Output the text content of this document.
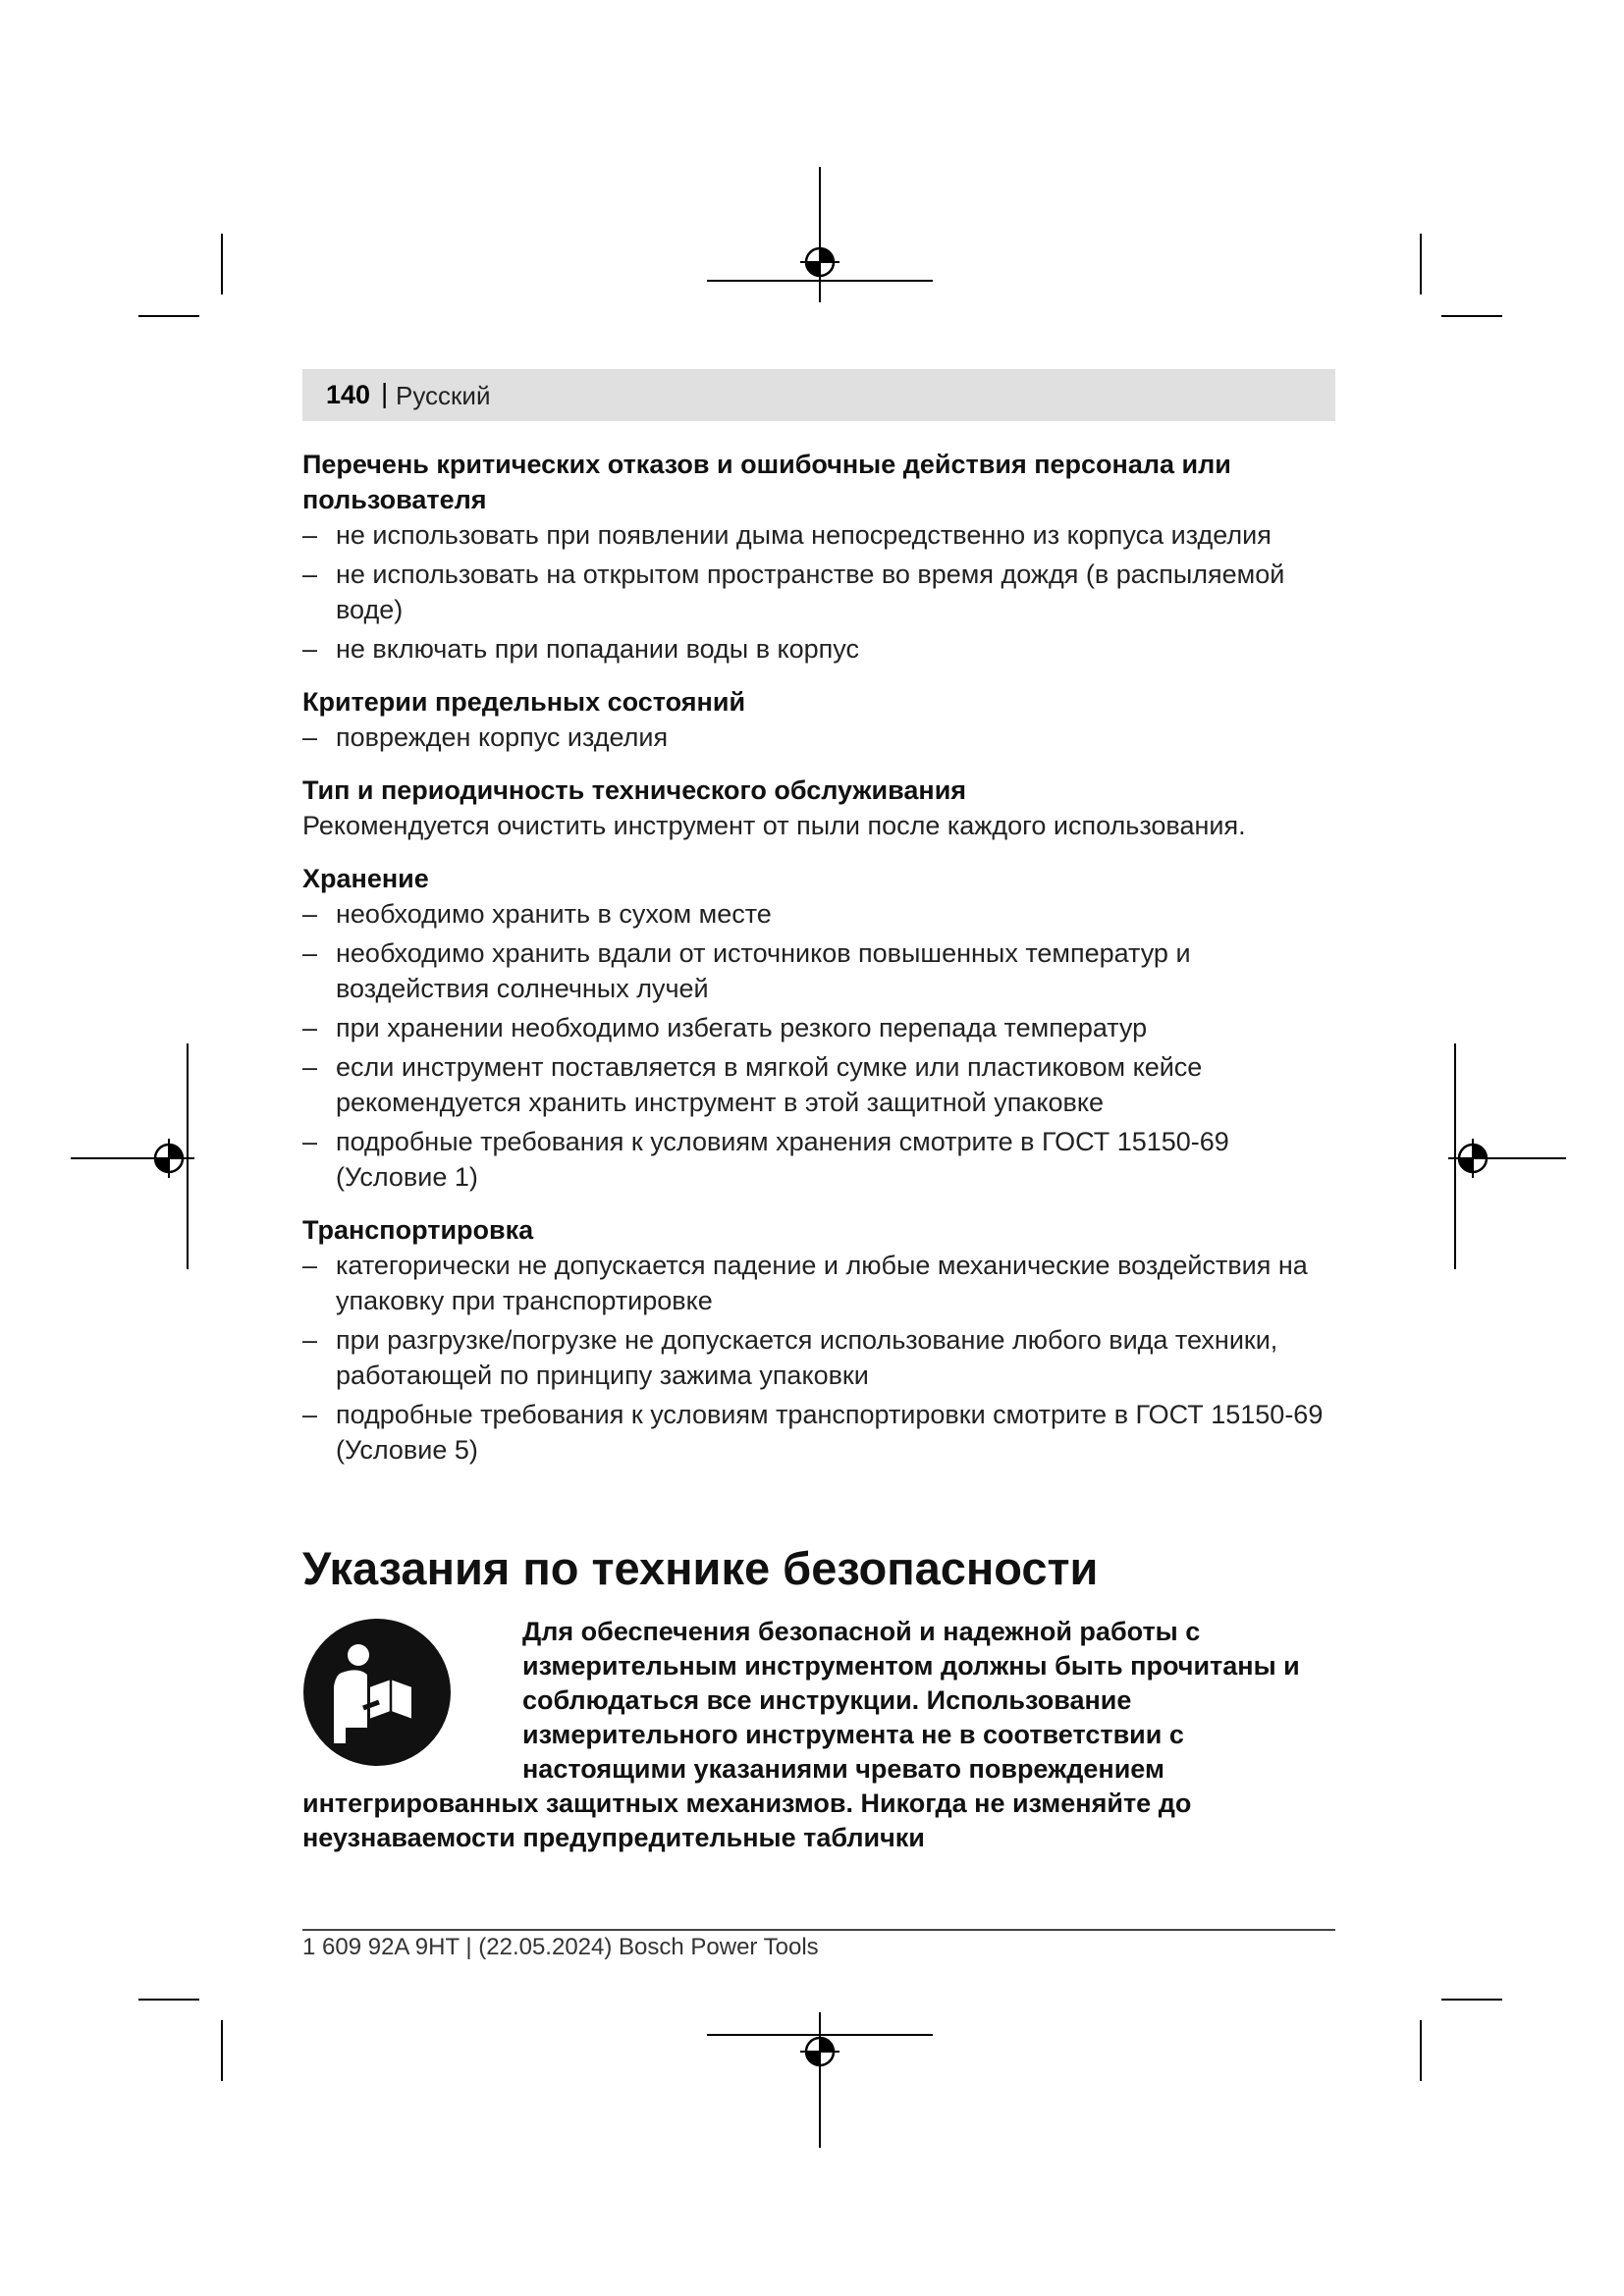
140 | Русский
Перечень критических отказов и ошибочные действия персонала или пользователя
– не использовать при появлении дыма непосредственно из корпуса изделия
– не использовать на открытом пространстве во время дождя (в распыляемой воде)
– не включать при попадании воды в корпус
Критерии предельных состояний
– поврежден корпус изделия
Тип и периодичность технического обслуживания
Рекомендуется очистить инструмент от пыли после каждого использования.
Хранение
– необходимо хранить в сухом месте
– необходимо хранить вдали от источников повышенных температур и воздействия солнечных лучей
– при хранении необходимо избегать резкого перепада температур
– если инструмент поставляется в мягкой сумке или пластиковом кейсе рекомендуется хранить инструмент в этой защитной упаковке
– подробные требования к условиям хранения смотрите в ГОСТ 15150-69 (Условие 1)
Транспортировка
– категорически не допускается падение и любые механические воздействия на упаковку при транспортировке
– при разгрузке/погрузке не допускается использование любого вида техники, работающей по принципу зажима упаковки
– подробные требования к условиям транспортировки смотрите в ГОСТ 15150-69 (Условие 5)
Указания по технике безопасности
Для обеспечения безопасной и надежной работы с измерительным инструментом должны быть прочитаны и соблюдаться все инструкции. Использование измерительного инструмента не в соответствии с настоящими указаниями чревато повреждением интегрированных защитных механизмов. Никогда не изменяйте до неузнаваемости предупредительные таблички
1 609 92A 9HT | (22.05.2024) Bosch Power Tools
